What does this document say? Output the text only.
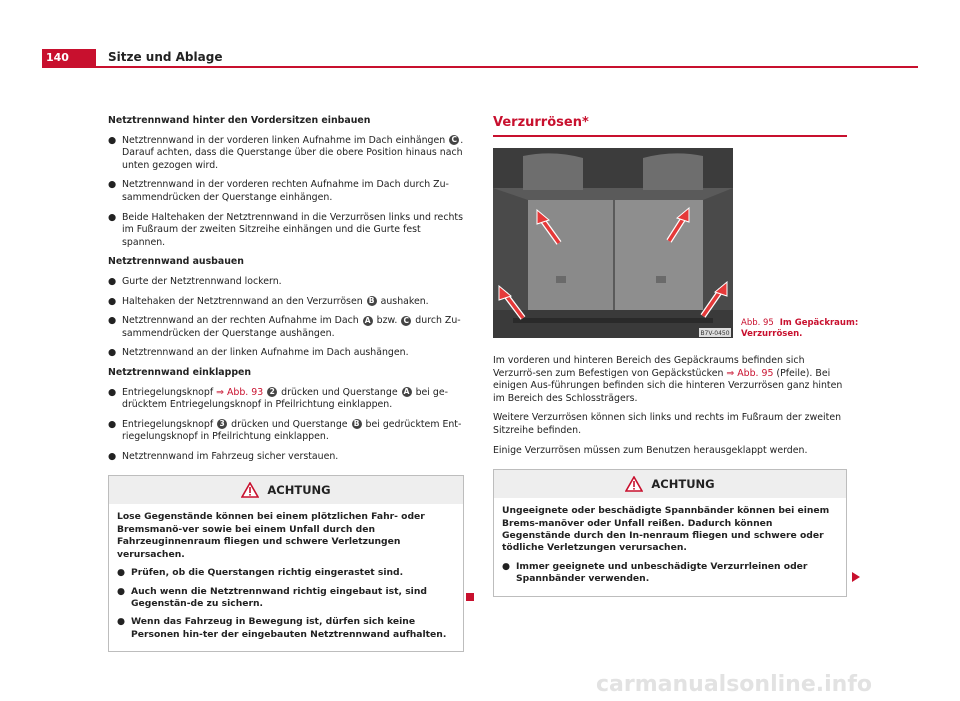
140	Sitze und Ablage
Netztrennwand hinter den Vordersitzen einbauen
● Netztrennwand in der vorderen linken Aufnahme im Dach einhängen C . Darauf achten, dass die Querstange über die obere Position hinaus nach unten gezogen wird.
● Netztrennwand in der vorderen rechten Aufnahme im Dach durch Zu-sammendrücken der Querstange einhängen.
● Beide Haltehaken der Netztrennwand in die Verzurrösen links und rechts im Fußraum der zweiten Sitzreihe einhängen und die Gurte fest spannen.
Netztrennwand ausbauen
● Gurte der Netztrennwand lockern.
● Haltehaken der Netztrennwand an den Verzurrösen B aushaken.
● Netztrennwand an der rechten Aufnahme im Dach A bzw. C durch Zu-sammendrücken der Querstange aushängen.
● Netztrennwand an der linken Aufnahme im Dach aushängen.
Netztrennwand einklappen
● Entriegelungsknopf ⇒ Abb. 93 2 drücken und Querstange A bei ge-drücktem Entriegelungsknopf in Pfeilrichtung einklappen.
● Entriegelungsknopf 3 drücken und Querstange B bei gedrücktem Ent-riegelungsknopf in Pfeilrichtung einklappen.
● Netztrennwand im Fahrzeug sicher verstauen.
ACHTUNG

Lose Gegenstände können bei einem plötzlichen Fahr- oder Bremsmanö-ver sowie bei einem Unfall durch den Fahrzeuginnenraum fliegen und schwere Verletzungen verursachen.

● Prüfen, ob die Querstangen richtig eingerastet sind.
● Auch wenn die Netztrennwand richtig eingebaut ist, sind Gegenstän-de zu sichern.
● Wenn das Fahrzeug in Bewegung ist, dürfen sich keine Personen hin-ter der eingebauten Netztrennwand aufhalten.
Verzurrösen*
B7V-0450
Abb. 95 Im Gepäckraum:
Verzurrösen.

Im vorderen und hinteren Bereich des Gepäckraums befinden sich Verzurrö-sen zum Befestigen von Gepäckstücken ⇒ Abb. 95 (Pfeile). Bei einigen Aus-führungen befinden sich die hinteren Verzurrösen ganz hinten im Bereich des Schlossträgers.

Weitere Verzurrösen können sich links und rechts im Fußraum der zweiten Sitzreihe befinden.

Einige Verzurrösen müssen zum Benutzen herausgeklappt werden.

ACHTUNG

Ungeeignete oder beschädigte Spannbänder können bei einem Brems-manöver oder Unfall reißen. Dadurch können Gegenstände durch den In-nenraum fliegen und schwere oder tödliche Verletzungen verursachen.

● Immer geeignete und unbeschädigte Verzurrleinen oder Spannbänder verwenden.
carmanualsonline.info
